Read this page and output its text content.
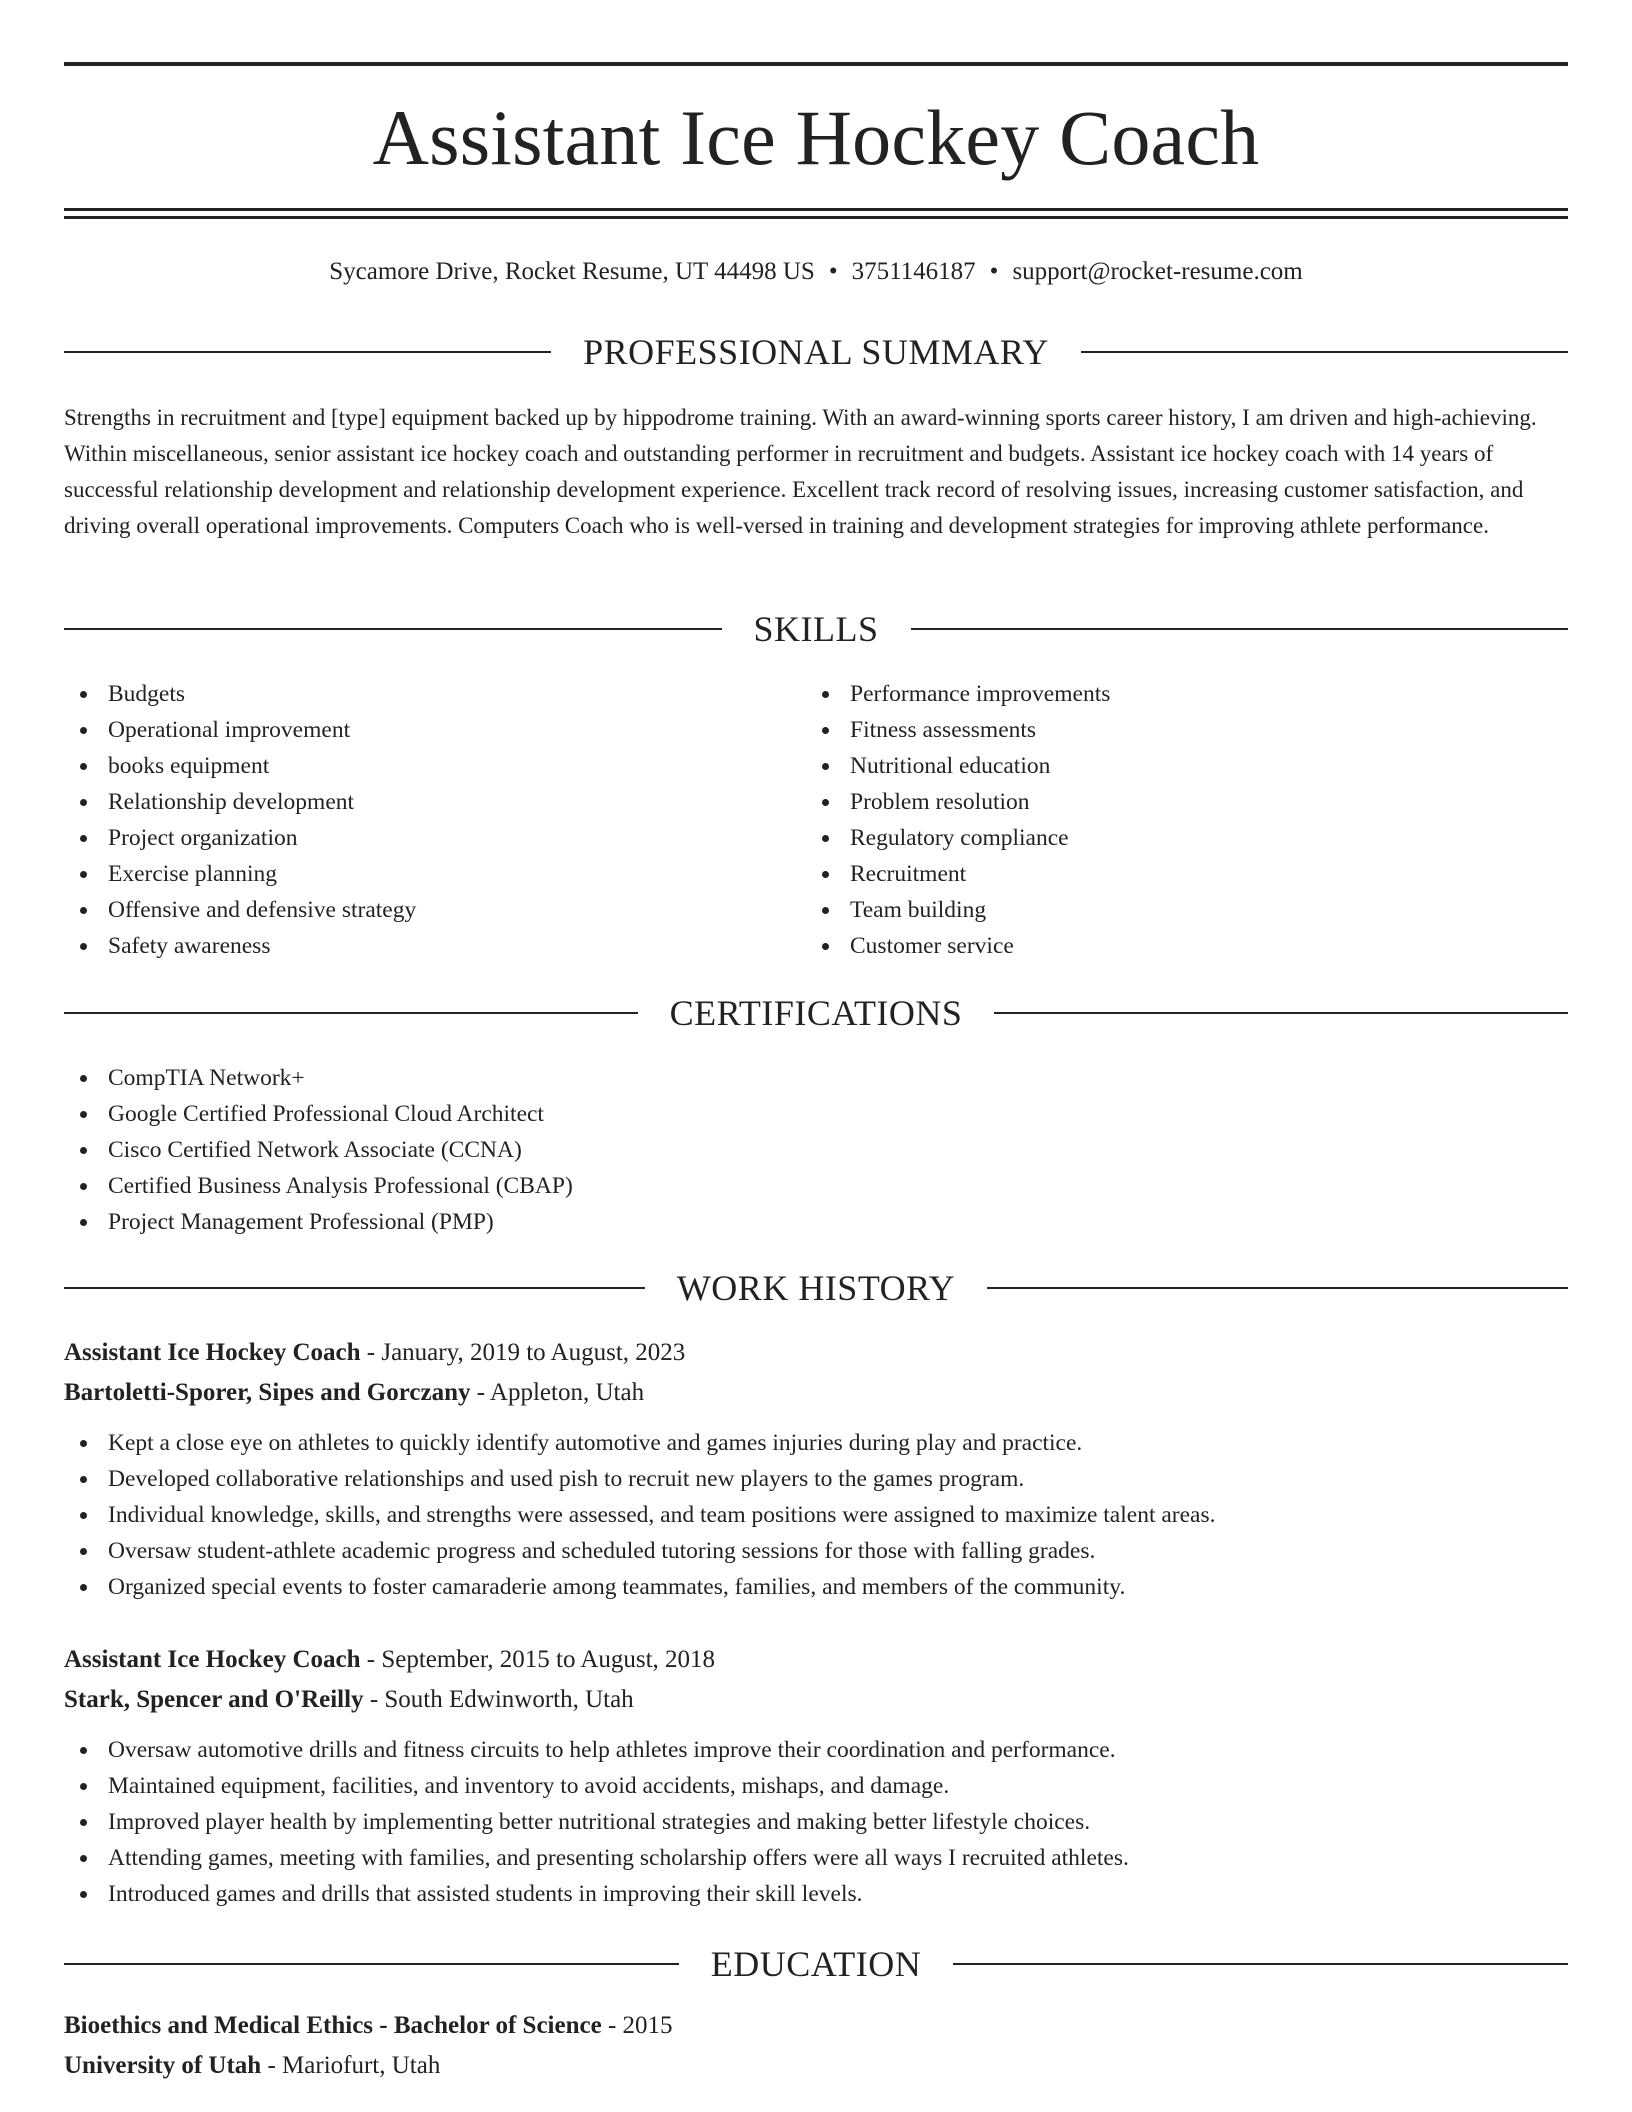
Assistant Ice Hockey Coach
Sycamore Drive, Rocket Resume, UT 44498 US • 3751146187 • support@rocket-resume.com
PROFESSIONAL SUMMARY

Strengths in recruitment and [type] equipment backed up by hippodrome training. With an award-winning sports career history, I am driven and high-achieving. Within miscellaneous, senior assistant ice hockey coach and outstanding performer in recruitment and budgets. Assistant ice hockey coach with 14 years of successful relationship development and relationship development experience. Excellent track record of resolving issues, increasing customer satisfaction, and driving overall operational improvements. Computers Coach who is well-versed in training and development strategies for improving athlete performance.

SKILLS
Budgets
Operational improvement
books equipment
Relationship development
Project organization
Exercise planning
Offensive and defensive strategy
Safety awareness
Performance improvements
Fitness assessments
Nutritional education
Problem resolution
Regulatory compliance
Recruitment
Team building
Customer service
CERTIFICATIONS
CompTIA Network+
Google Certified Professional Cloud Architect
Cisco Certified Network Associate (CCNA)
Certified Business Analysis Professional (CBAP)
Project Management Professional (PMP)
WORK HISTORY
Assistant Ice Hockey Coach - January, 2019 to August, 2023
Bartoletti-Sporer, Sipes and Gorczany - Appleton, Utah
Kept a close eye on athletes to quickly identify automotive and games injuries during play and practice.
Developed collaborative relationships and used pish to recruit new players to the games program.
Individual knowledge, skills, and strengths were assessed, and team positions were assigned to maximize talent areas.
Oversaw student-athlete academic progress and scheduled tutoring sessions for those with falling grades.
Organized special events to foster camaraderie among teammates, families, and members of the community.
Assistant Ice Hockey Coach - September, 2015 to August, 2018
Stark, Spencer and O'Reilly - South Edwinworth, Utah
Oversaw automotive drills and fitness circuits to help athletes improve their coordination and performance.
Maintained equipment, facilities, and inventory to avoid accidents, mishaps, and damage.
Improved player health by implementing better nutritional strategies and making better lifestyle choices.
Attending games, meeting with families, and presenting scholarship offers were all ways I recruited athletes.
Introduced games and drills that assisted students in improving their skill levels.
EDUCATION
Bioethics and Medical Ethics - Bachelor of Science - 2015
University of Utah - Mariofurt, Utah
